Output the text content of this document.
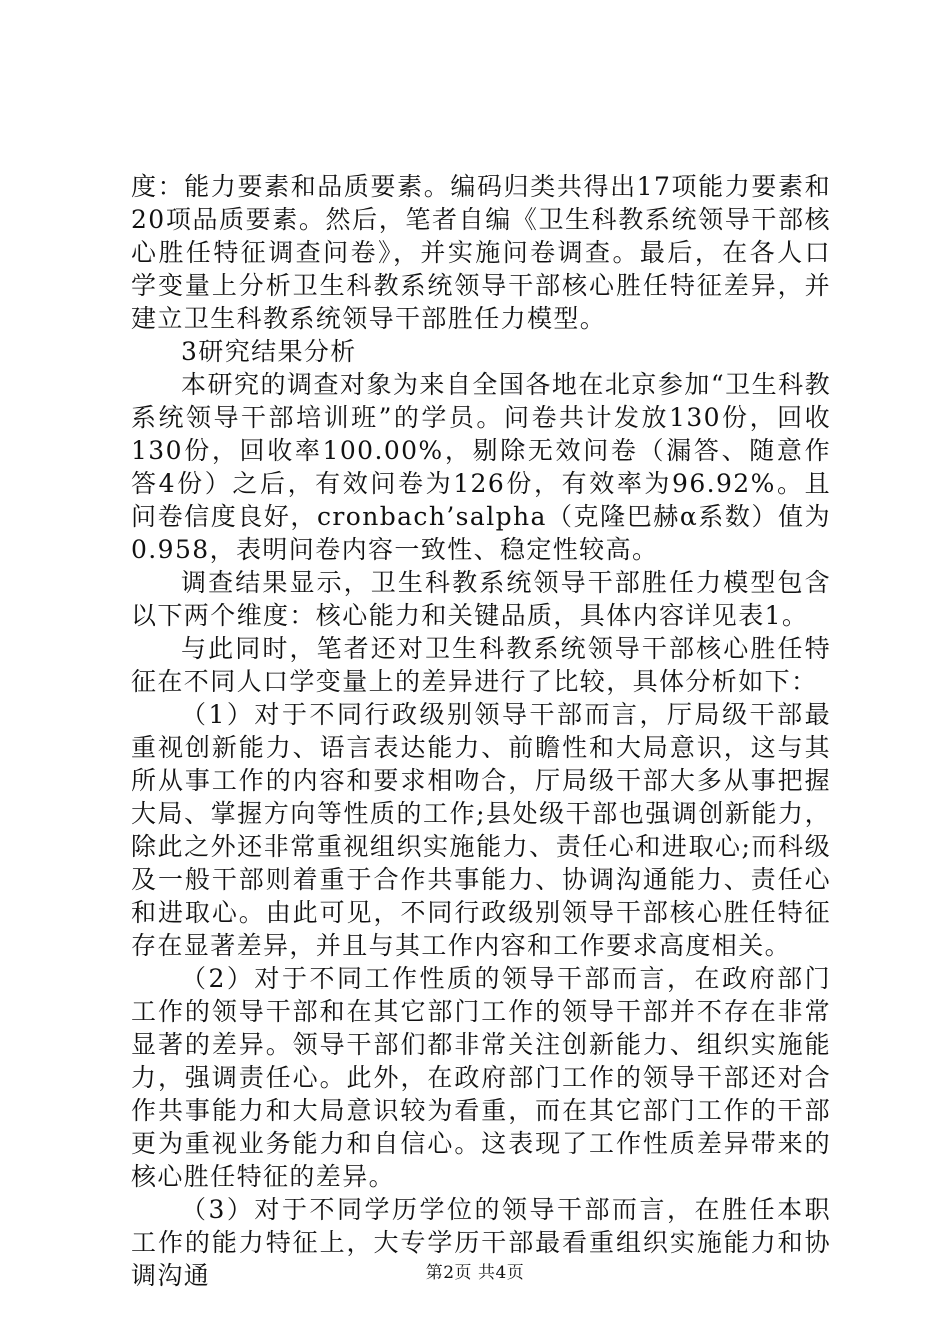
度：能力要素和品质要素。编码归类共得出17项能力要素和20项品质要素。然后，笔者自编《卫生科教系统领导干部核心胜任特征调查问卷》，并实施问卷调查。最后，在各人口学变量上分析卫生科教系统领导干部核心胜任特征差异，并建立卫生科教系统领导干部胜任力模型。

3研究结果分析

本研究的调查对象为来自全国各地在北京参加“卫生科教系统领导干部培训班”的学员。问卷共计发放130份，回收130份，回收率100.00%，剔除无效问卷（漏答、随意作答4份）之后，有效问卷为126份，有效率为96.92%。且问卷信度良好，cronbach’salpha（克隆巴赫α系数）值为0.958，表明问卷内容一致性、稳定性较高。

调查结果显示，卫生科教系统领导干部胜任力模型包含以下两个维度：核心能力和关键品质，具体内容详见表1。

与此同时，笔者还对卫生科教系统领导干部核心胜任特征在不同人口学变量上的差异进行了比较，具体分析如下：

（1）对于不同行政级别领导干部而言，厅局级干部最重视创新能力、语言表达能力、前瞻性和大局意识，这与其所从事工作的内容和要求相吻合，厅局级干部大多从事把握大局、掌握方向等性质的工作;县处级干部也强调创新能力，除此之外还非常重视组织实施能力、责任心和进取心;而科级及一般干部则着重于合作共事能力、协调沟通能力、责任心和进取心。由此可见，不同行政级别领导干部核心胜任特征存在显著差异，并且与其工作内容和工作要求高度相关。

（2）对于不同工作性质的领导干部而言，在政府部门工作的领导干部和在其它部门工作的领导干部并不存在非常显著的差异。领导干部们都非常关注创新能力、组织实施能力，强调责任心。此外，在政府部门工作的领导干部还对合作共事能力和大局意识较为看重，而在其它部门工作的干部更为重视业务能力和自信心。这表现了工作性质差异带来的核心胜任特征的差异。

（3）对于不同学历学位的领导干部而言，在胜任本职工作的能力特征上，大专学历干部最看重组织实施能力和协调沟通	第2页 共4页
